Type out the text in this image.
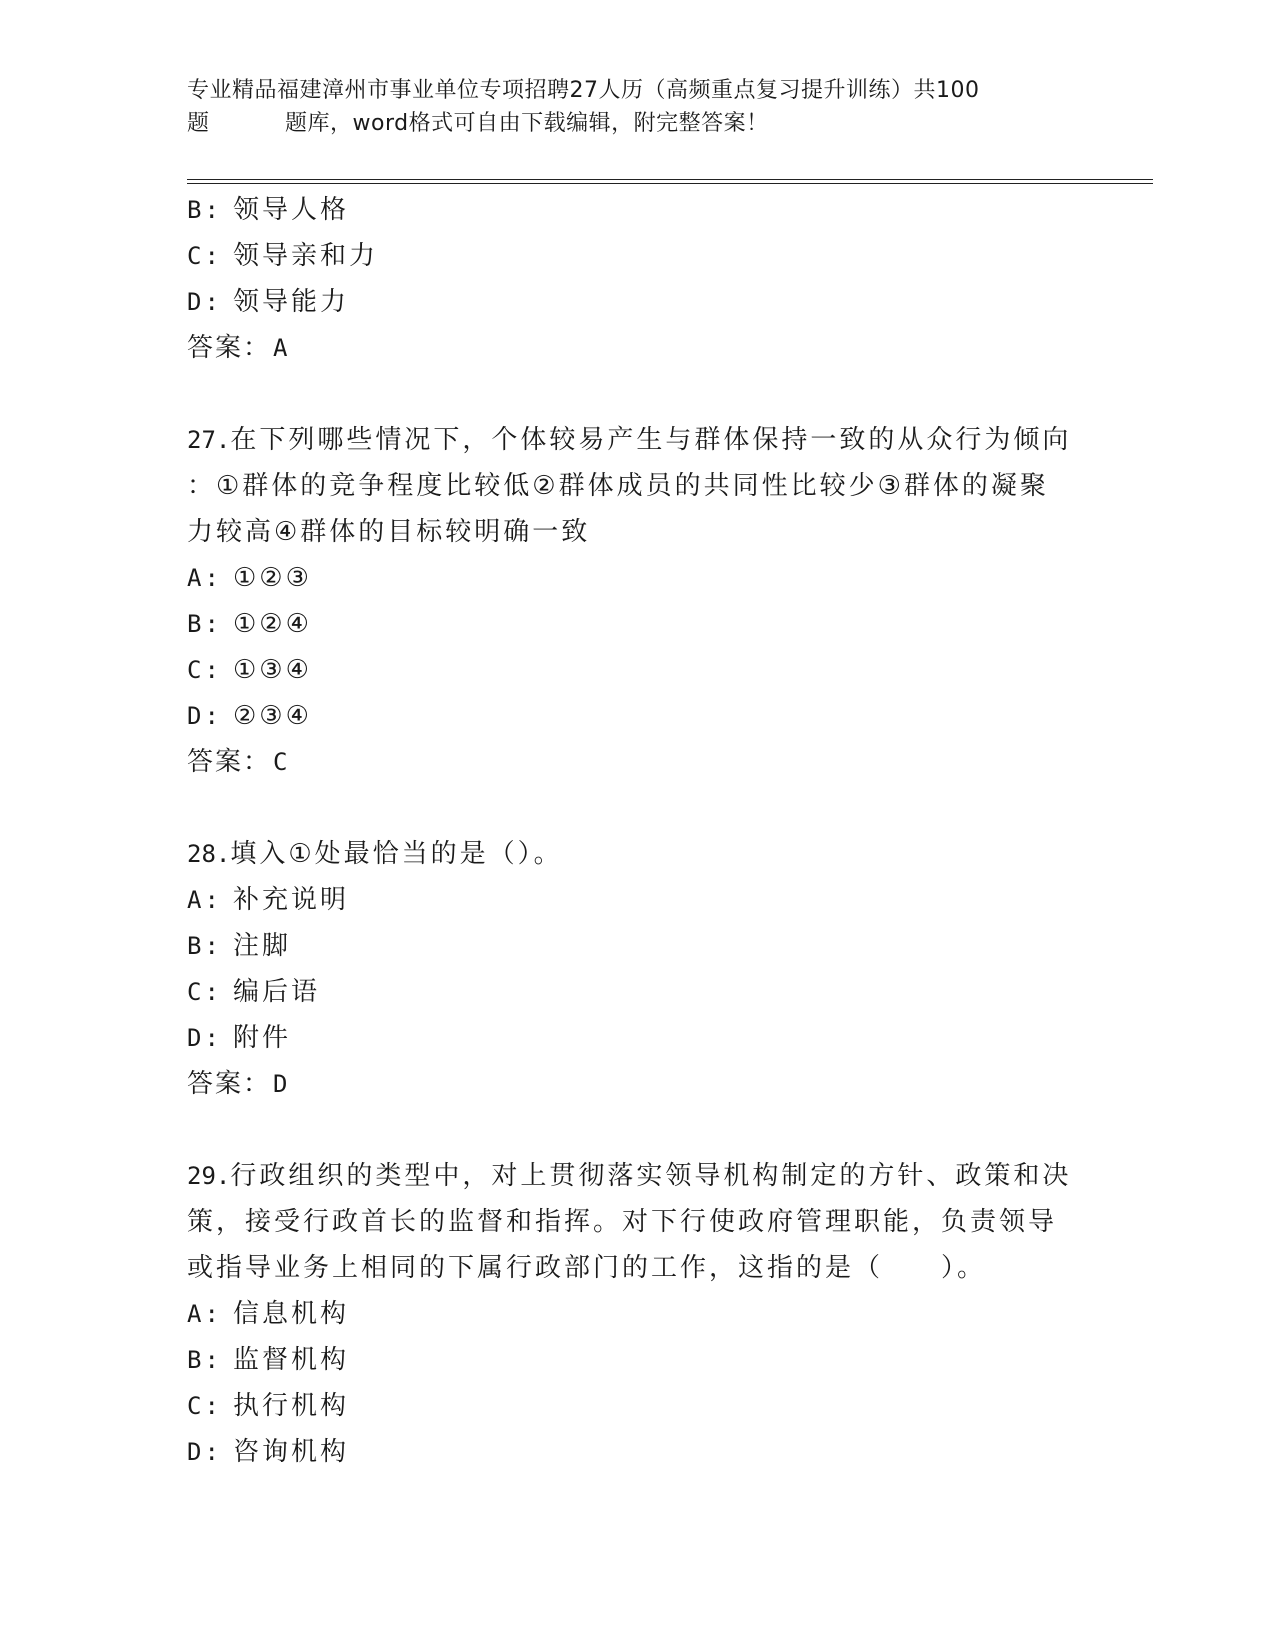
专业精品福建漳州市事业单位专项招聘27人历（高频重点复习提升训练）共100
题	题库，word格式可自由下载编辑，附完整答案！
B: 领导人格
C: 领导亲和力
D: 领导能力
答案：A
27.在下列哪些情况下，个体较易产生与群体保持一致的从众行为倾向
：①群体的竞争程度比较低②群体成员的共同性比较少③群体的凝聚
力较高④群体的目标较明确一致
A: ①②③
B: ①②④
C: ①③④
D: ②③④
答案：C
28.填入①处最恰当的是（）。
A: 补充说明
B: 注脚
C: 编后语
D: 附件
答案：D
29.行政组织的类型中，对上贯彻落实领导机构制定的方针、政策和决
策，接受行政首长的监督和指挥。对下行使政府管理职能，负责领导
或指导业务上相同的下属行政部门的工作，这指的是（　　）。
A: 信息机构
B: 监督机构
C: 执行机构
D: 咨询机构
